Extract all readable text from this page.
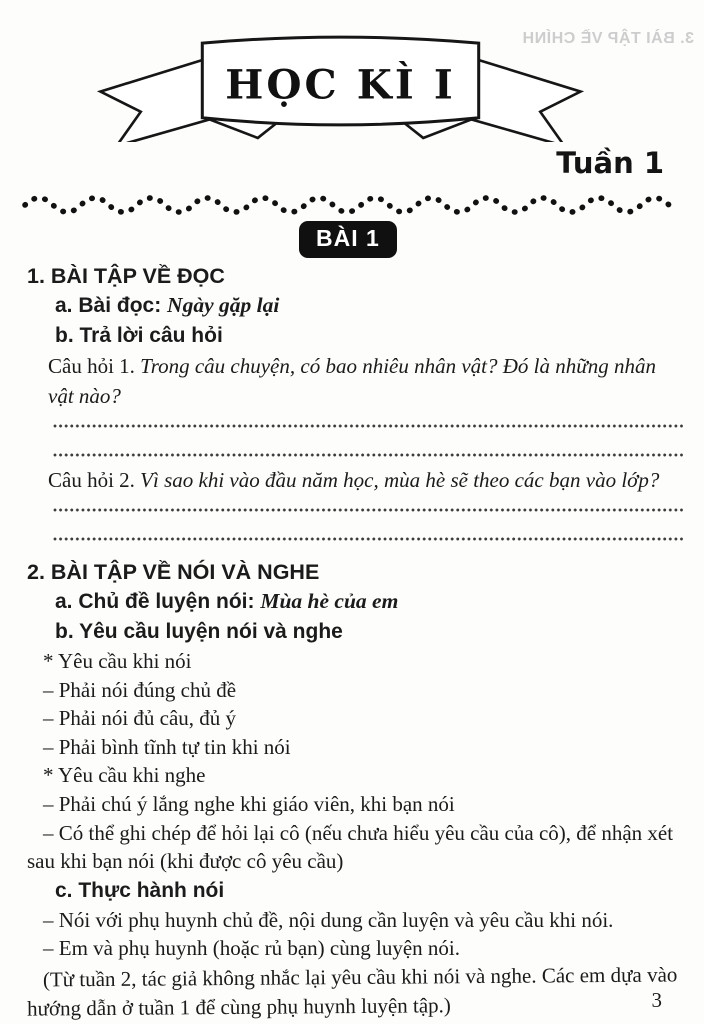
3. BÀI TẬP VỀ CHÍNH
HỌC KÌ I
Tuần 1
BÀI 1

1. BÀI TẬP VỀ ĐỌC

a. Bài đọc: Ngày gặp lại

b. Trả lời câu hỏi

Câu hỏi 1. Trong câu chuyện, có bao nhiêu nhân vật? Đó là những nhân vật nào?

Câu hỏi 2. Vì sao khi vào đầu năm học, mùa hè sẽ theo các bạn vào lớp?

2. BÀI TẬP VỀ NÓI VÀ NGHE

a. Chủ đề luyện nói: Mùa hè của em

b. Yêu cầu luyện nói và nghe

* Yêu cầu khi nói

– Phải nói đúng chủ đề

– Phải nói đủ câu, đủ ý

– Phải bình tĩnh tự tin khi nói

* Yêu cầu khi nghe

– Phải chú ý lắng nghe khi giáo viên, khi bạn nói

– Có thể ghi chép để hỏi lại cô (nếu chưa hiểu yêu cầu của cô), để nhận xét sau khi bạn nói (khi được cô yêu cầu)

c. Thực hành nói

– Nói với phụ huynh chủ đề, nội dung cần luyện và yêu cầu khi nói.

– Em và phụ huynh (hoặc rủ bạn) cùng luyện nói.

(Từ tuần 2, tác giả không nhắc lại yêu cầu khi nói và nghe. Các em dựa vào hướng dẫn ở tuần 1 để cùng phụ huynh luyện tập.)	3
